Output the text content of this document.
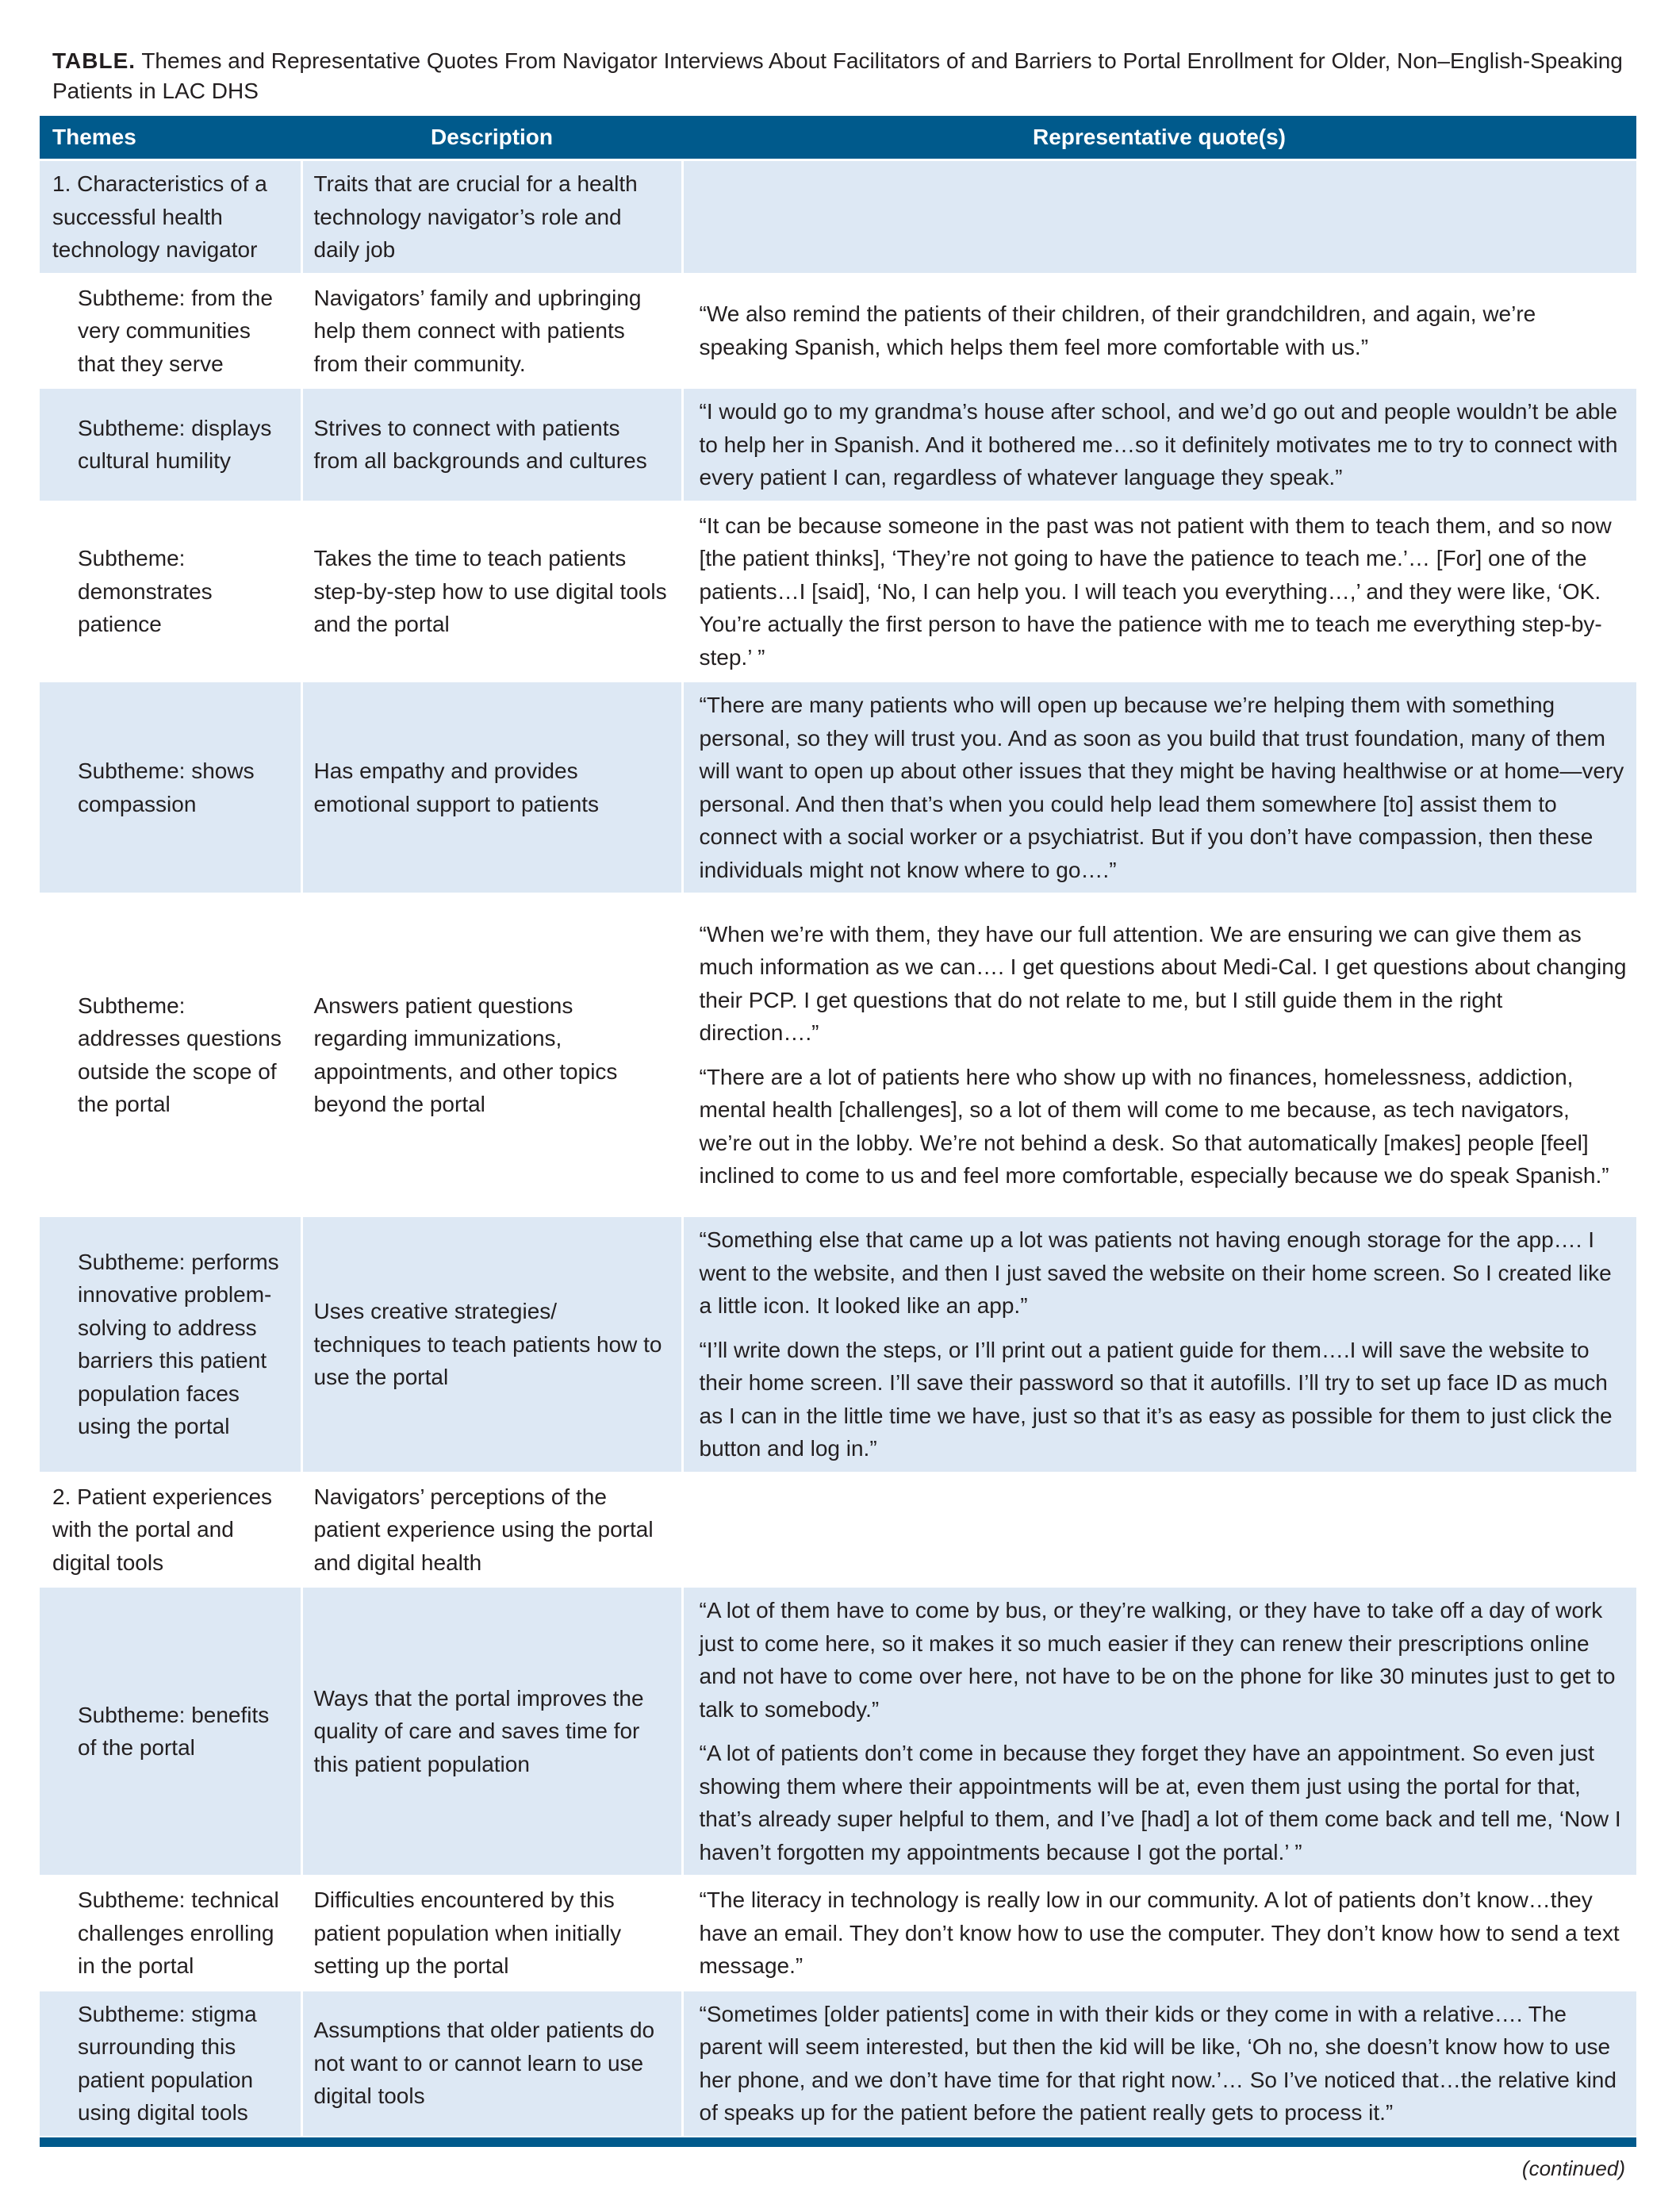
TABLE. Themes and Representative Quotes From Navigator Interviews About Facilitators of and Barriers to Portal Enrollment for Older, Non–English-Speaking Patients in LAC DHS
Themes	Description	Representative quote(s)
1. Characteristics of a successful health technology navigator	Traits that are crucial for a health technology navigator’s role and daily job	
Subtheme: from the very communities that they serve	Navigators’ family and upbringing help them connect with patients from their community.	“We also remind the patients of their children, of their grandchildren, and again, we’re speaking Spanish, which helps them feel more comfortable with us.”

Subtheme: displays cultural humility	Strives to connect with patients from all backgrounds and cultures	“I would go to my grandma’s house after school, and we’d go out and people wouldn’t be able to help her in Spanish. And it bothered me…so it definitely motivates me to try to connect with every patient I can, regardless of whatever language they speak.”

Subtheme: demonstrates patience	Takes the time to teach patients step-by-step how to use digital tools and the portal	“It can be because someone in the past was not patient with them to teach them, and so now [the patient thinks], ‘They’re not going to have the patience to teach me.’… [For] one of the patients…I [said], ‘No, I can help you. I will teach you everything…,’ and they were like, ‘OK. You’re actually the first person to have the patience with me to teach me everything step-by-step.’ ”

Subtheme: shows compassion	Has empathy and provides emotional support to patients	“There are many patients who will open up because we’re helping them with something personal, so they will trust you. And as soon as you build that trust foundation, many of them will want to open up about other issues that they might be having healthwise or at home—very personal. And then that’s when you could help lead them somewhere [to] assist them to connect with a social worker or a psychiatrist. But if you don’t have compassion, then these individuals might not know where to go….”

Subtheme: addresses questions outside the scope of the portal	Answers patient questions regarding immunizations, appointments, and other topics beyond the portal	“When we’re with them, they have our full attention. We are ensuring we can give them as much information as we can…. I get questions about Medi-Cal. I get questions about changing their PCP. I get questions that do not relate to me, but I still guide them in the right direction….”

“There are a lot of patients here who show up with no finances, homelessness, addiction, mental health [challenges], so a lot of them will come to me because, as tech navigators, we’re out in the lobby. We’re not behind a desk. So that automatically [makes] people [feel] inclined to come to us and feel more comfortable, especially because we do speak Spanish.”

Subtheme: performs innovative problem-solving to address barriers this patient population faces using the portal	Uses creative strategies/ techniques to teach patients how to use the portal	“Something else that came up a lot was patients not having enough storage for the app…. I went to the website, and then I just saved the website on their home screen. So I created like a little icon. It looked like an app.”

“I’ll write down the steps, or I’ll print out a patient guide for them….I will save the website to their home screen. I’ll save their password so that it autofills. I’ll try to set up face ID as much as I can in the little time we have, just so that it’s as easy as possible for them to just click the button and log in.”

2. Patient experiences with the portal and digital tools	Navigators’ perceptions of the patient experience using the portal and digital health	
Subtheme: benefits of the portal	Ways that the portal improves the quality of care and saves time for this patient population	“A lot of them have to come by bus, or they’re walking, or they have to take off a day of work just to come here, so it makes it so much easier if they can renew their prescriptions online and not have to come over here, not have to be on the phone for like 30 minutes just to get to talk to somebody.”

“A lot of patients don’t come in because they forget they have an appointment. So even just showing them where their appointments will be at, even them just using the portal for that, that’s already super helpful to them, and I’ve [had] a lot of them come back and tell me, ‘Now I haven’t forgotten my appointments because I got the portal.’ ”

Subtheme: technical challenges enrolling in the portal	Difficulties encountered by this patient population when initially setting up the portal	“The literacy in technology is really low in our community. A lot of patients don’t know…they have an email. They don’t know how to use the computer. They don’t know how to send a text message.”

Subtheme: stigma surrounding this patient population using digital tools	Assumptions that older patients do not want to or cannot learn to use digital tools	“Sometimes [older patients] come in with their kids or they come in with a relative…. The parent will seem interested, but then the kid will be like, ‘Oh no, she doesn’t know how to use her phone, and we don’t have time for that right now.’… So I’ve noticed that…the relative kind of speaks up for the patient before the patient really gets to process it.”

(continued)
